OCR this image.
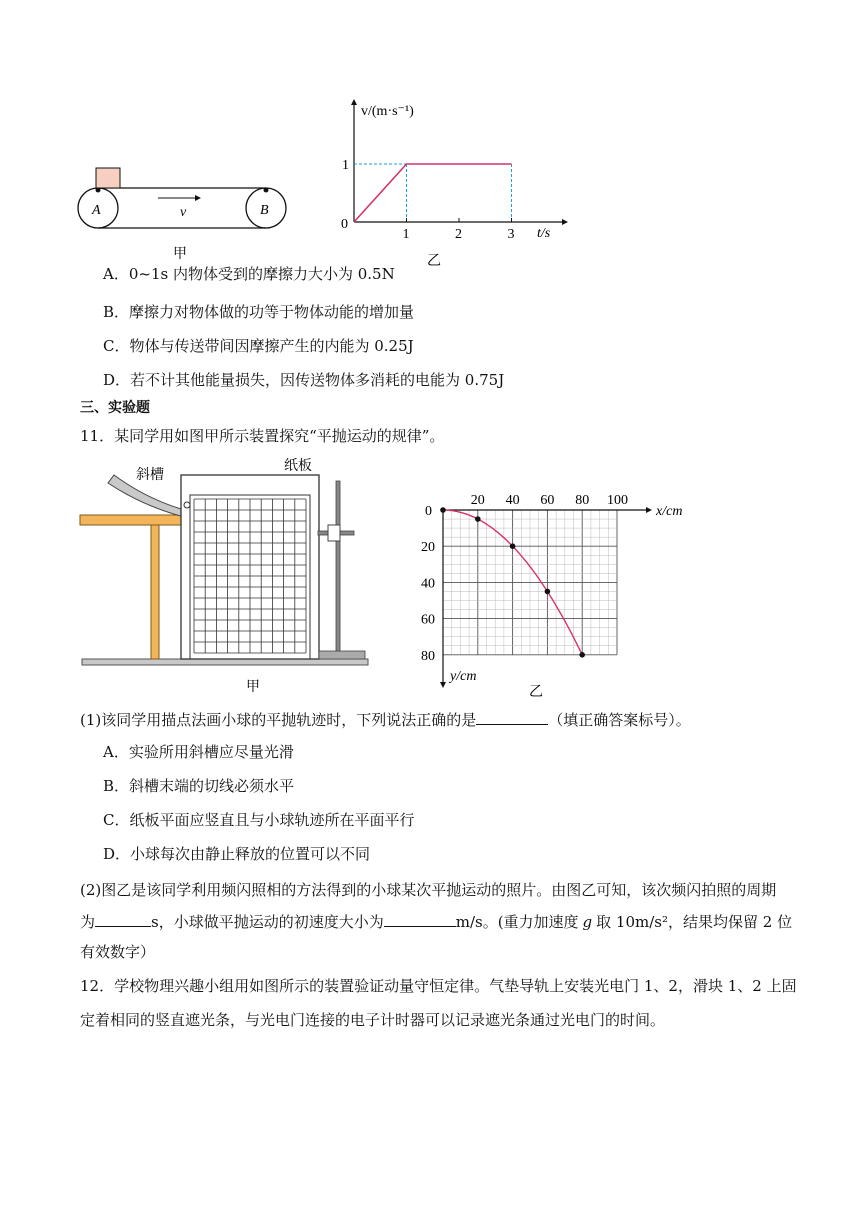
A	B
v
甲
1	2	3
1
v/(m·s⁻¹)
t/s
0
乙
A．0~1s 内物体受到的摩擦力大小为 0.5N
B．摩擦力对物体做的功等于物体动能的增加量
C．物体与传送带间因摩擦产生的内能为 0.25J
D．若不计其他能量损失，因传送物体多消耗的电能为 0.75J
三、实验题
11．某同学用如图甲所示装置探究“平抛运动的规律”。
斜槽
纸板
甲
20 40 60 80 100
20
40
60
80
x/cm
y/cm
0
乙
(1)该同学用描点法画小球的平抛轨迹时，下列说法正确的是	（填正确答案标号）。
A．实验所用斜槽应尽量光滑
B．斜槽末端的切线必须水平
C．纸板平面应竖直且与小球轨迹所在平面平行
D．小球每次由静止释放的位置可以不同
(2)图乙是该同学利用频闪照相的方法得到的小球某次平抛运动的照片。由图乙可知，该次频闪拍照的周期
为	s，小球做平抛运动的初速度大小为	m/s。(重力加速度 g 取 10m/s²，结果均保留 2 位
有效数字）
12．学校物理兴趣小组用如图所示的装置验证动量守恒定律。气垫导轨上安装光电门 1、2，滑块 1、2 上固
定着相同的竖直遮光条，与光电门连接的电子计时器可以记录遮光条通过光电门的时间。
